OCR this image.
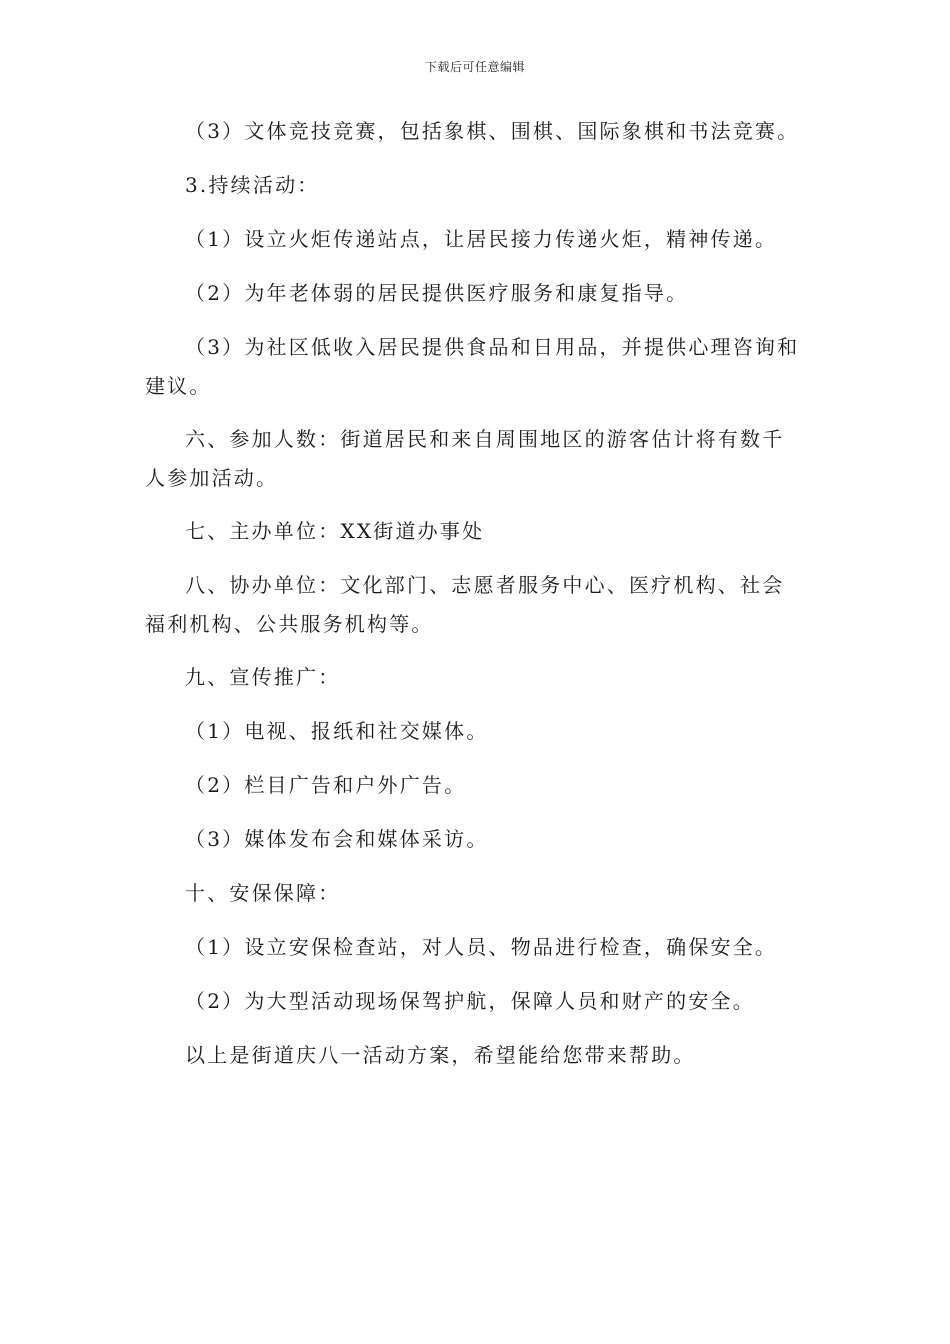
下载后可任意编辑

（3）文体竞技竞赛，包括象棋、围棋、国际象棋和书法竞赛。

3.持续活动：

（1）设立火炬传递站点，让居民接力传递火炬，精神传递。

（2）为年老体弱的居民提供医疗服务和康复指导。

（3）为社区低收入居民提供食品和日用品，并提供心理咨询和建议。

六、参加人数：街道居民和来自周围地区的游客估计将有数千人参加活动。

七、主办单位：XX街道办事处

八、协办单位：文化部门、志愿者服务中心、医疗机构、社会福利机构、公共服务机构等。

九、宣传推广：

（1）电视、报纸和社交媒体。

（2）栏目广告和户外广告。

（3）媒体发布会和媒体采访。

十、安保保障：

（1）设立安保检查站，对人员、物品进行检查，确保安全。

（2）为大型活动现场保驾护航，保障人员和财产的安全。

以上是街道庆八一活动方案，希望能给您带来帮助。
